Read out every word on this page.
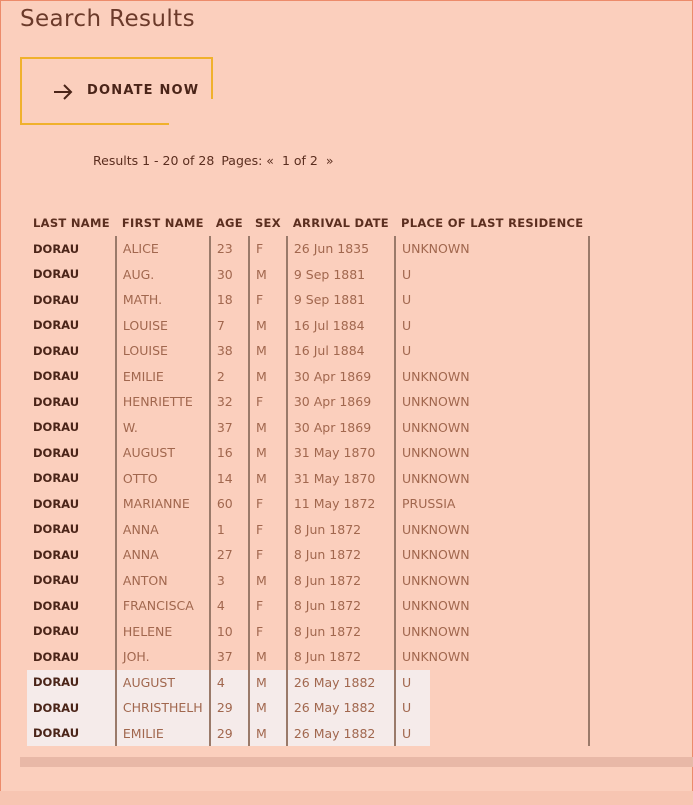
Search Results
DONATE NOW
Results 1 - 20 of 28 Pages: « 1 of 2 »
LAST NAME	FIRST NAME	AGE	SEX	ARRIVAL DATE	PLACE OF LAST RESIDENCE
DORAU	ALICE	23	F	26 Jun 1835	UNKNOWN
DORAU	AUG.	30	M	9 Sep 1881	U
DORAU	MATH.	18	F	9 Sep 1881	U
DORAU	LOUISE	7	M	16 Jul 1884	U
DORAU	LOUISE	38	M	16 Jul 1884	U
DORAU	EMILIE	2	M	30 Apr 1869	UNKNOWN
DORAU	HENRIETTE	32	F	30 Apr 1869	UNKNOWN
DORAU	W.	37	M	30 Apr 1869	UNKNOWN
DORAU	AUGUST	16	M	31 May 1870	UNKNOWN
DORAU	OTTO	14	M	31 May 1870	UNKNOWN
DORAU	MARIANNE	60	F	11 May 1872	PRUSSIA
DORAU	ANNA	1	F	8 Jun 1872	UNKNOWN
DORAU	ANNA	27	F	8 Jun 1872	UNKNOWN
DORAU	ANTON	3	M	8 Jun 1872	UNKNOWN
DORAU	FRANCISCA	4	F	8 Jun 1872	UNKNOWN
DORAU	HELENE	10	F	8 Jun 1872	UNKNOWN
DORAU	JOH.	37	M	8 Jun 1872	UNKNOWN
DORAU	AUGUST	4	M	26 May 1882	U
DORAU	CHRISTHELH	29	M	26 May 1882	U
DORAU	EMILIE	29	M	26 May 1882	U
